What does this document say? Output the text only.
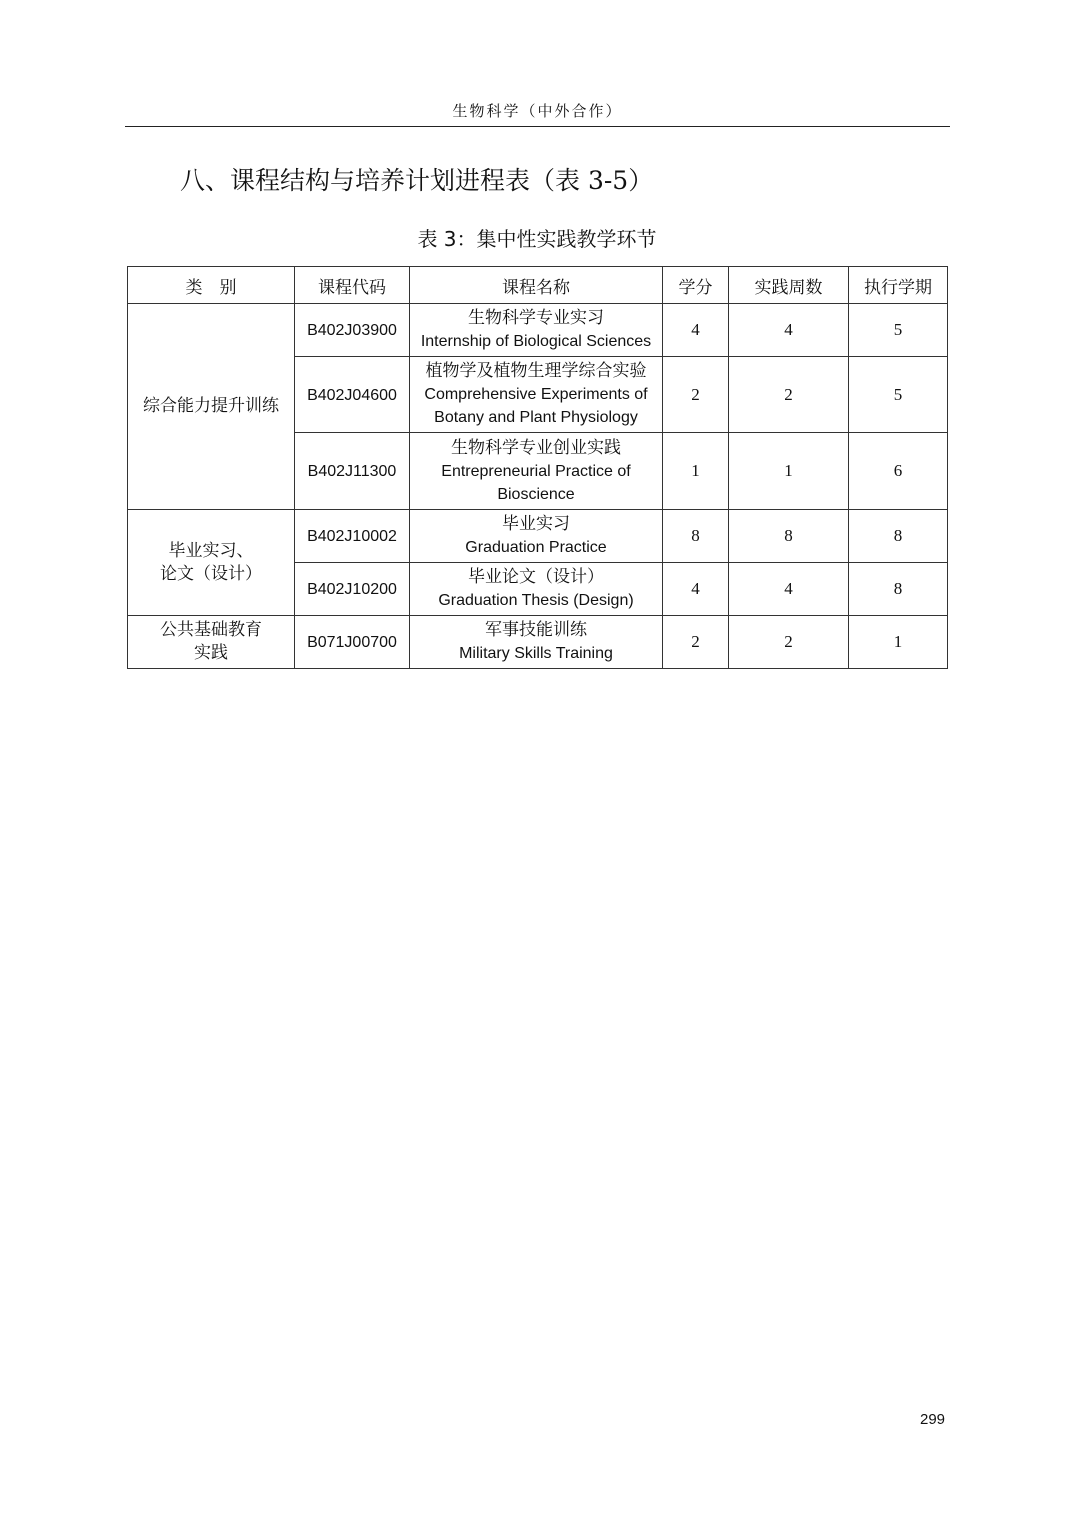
生物科学（中外合作）
八、课程结构与培养计划进程表（表 3-5）
表 3：集中性实践教学环节
类　别	课程代码	课程名称	学分	实践周数	执行学期
综合能力提升训练	B402J03900	生物科学专业实习
Internship of Biological Sciences	4	4	5
	B402J04600	植物学及植物生理学综合实验
Comprehensive Experiments of
Botany and Plant Physiology	2	2	5
	B402J11300	生物科学专业创业实践
Entrepreneurial Practice of
Bioscience	1	1	6
毕业实习、
论文（设计）	B402J10002	毕业实习
Graduation Practice	8	8	8
	B402J10200	毕业论文（设计）
Graduation Thesis (Design)	4	4	8
公共基础教育
实践	B071J00700	军事技能训练
Military Skills Training	2	2	1
299
